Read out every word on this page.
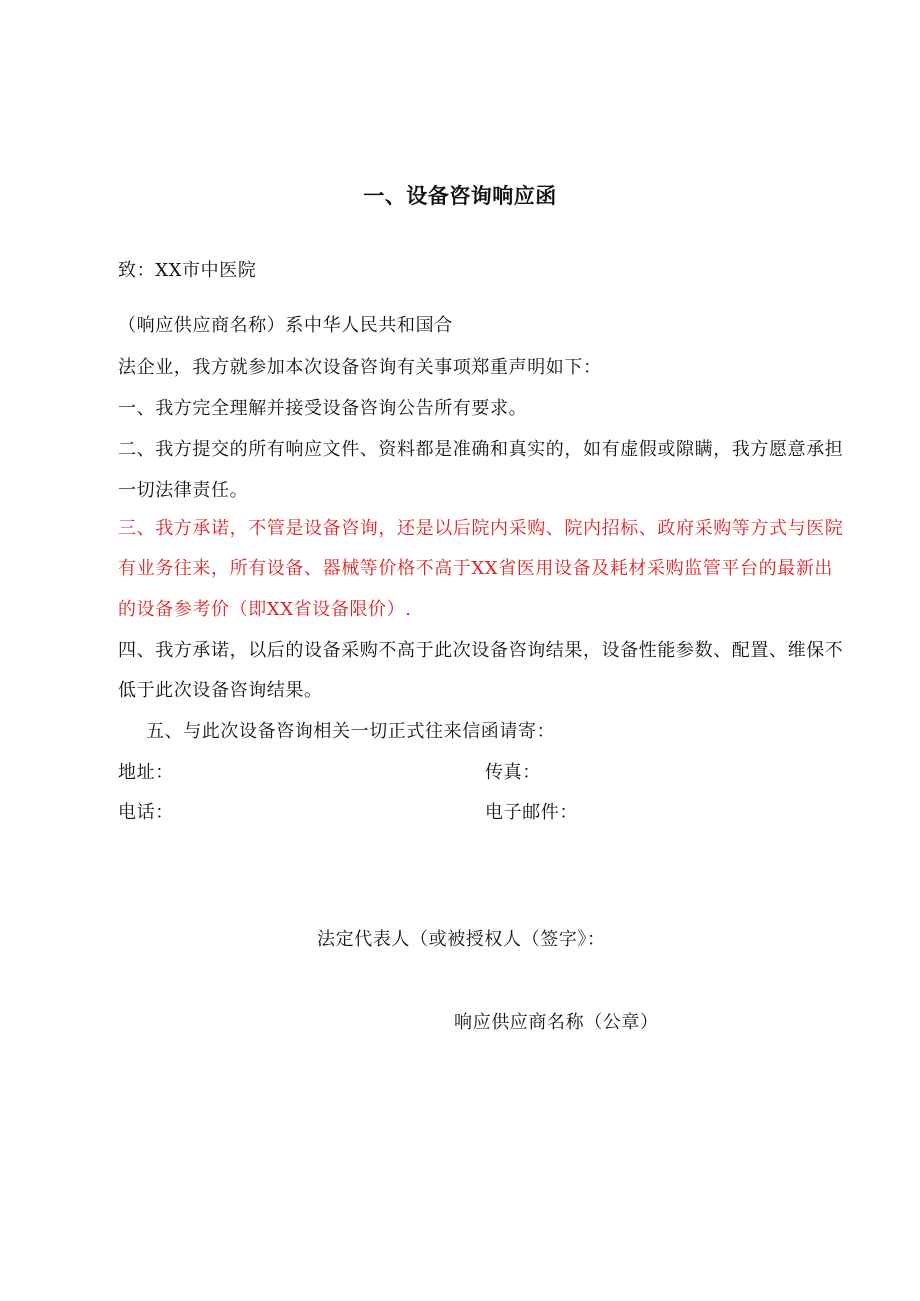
一、设备咨询响应函
致：XX市中医院
（响应供应商名称）系中华人民共和国合
法企业，我方就参加本次设备咨询有关事项郑重声明如下：
一、我方完全理解并接受设备咨询公告所有要求。
二、我方提交的所有响应文件、资料都是准确和真实的，如有虚假或隙瞒，我方愿意承担
一切法律责任。
三、我方承诺，不管是设备咨询，还是以后院内采购、院内招标、政府采购等方式与医院
有业务往来，所有设备、器械等价格不高于XX省医用设备及耗材采购监管平台的最新出
的设备参考价（即XX省设备限价）.
四、我方承诺，以后的设备采购不高于此次设备咨询结果，设备性能参数、配置、维保不
低于此次设备咨询结果。
五、与此次设备咨询相关一切正式往来信函请寄：
地址：	传真：
电话：	电子邮件：
法定代表人（或被授权人（签字》：
响应供应商名称（公章）
